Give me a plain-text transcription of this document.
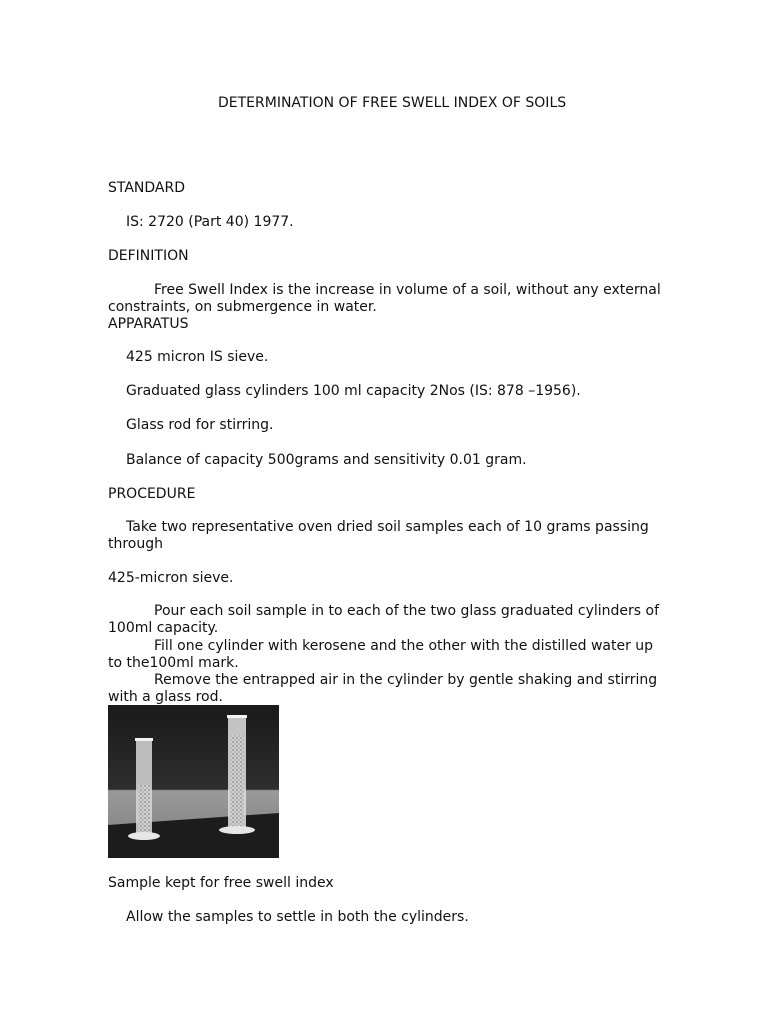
DETERMINATION OF FREE SWELL INDEX OF SOILS
STANDARD
IS: 2720 (Part 40) 1977.
DEFINITION
Free Swell Index is the increase in volume of a soil, without any external
constraints, on submergence in water.
APPARATUS
425 micron IS sieve.
Graduated glass cylinders 100 ml capacity 2Nos (IS: 878 –1956).
Glass rod for stirring.
Balance of capacity 500grams and sensitivity 0.01 gram.
PROCEDURE
Take two representative oven dried soil samples each of 10 grams passing
through
425-micron sieve.
Pour each soil sample in to each of the two glass graduated cylinders of
100ml capacity.
Fill one cylinder with kerosene and the other with the distilled water up
to the100ml mark.
Remove the entrapped air in the cylinder by gentle shaking and stirring
with a glass rod.
Sample kept for free swell index
Allow the samples to settle in both the cylinders.
